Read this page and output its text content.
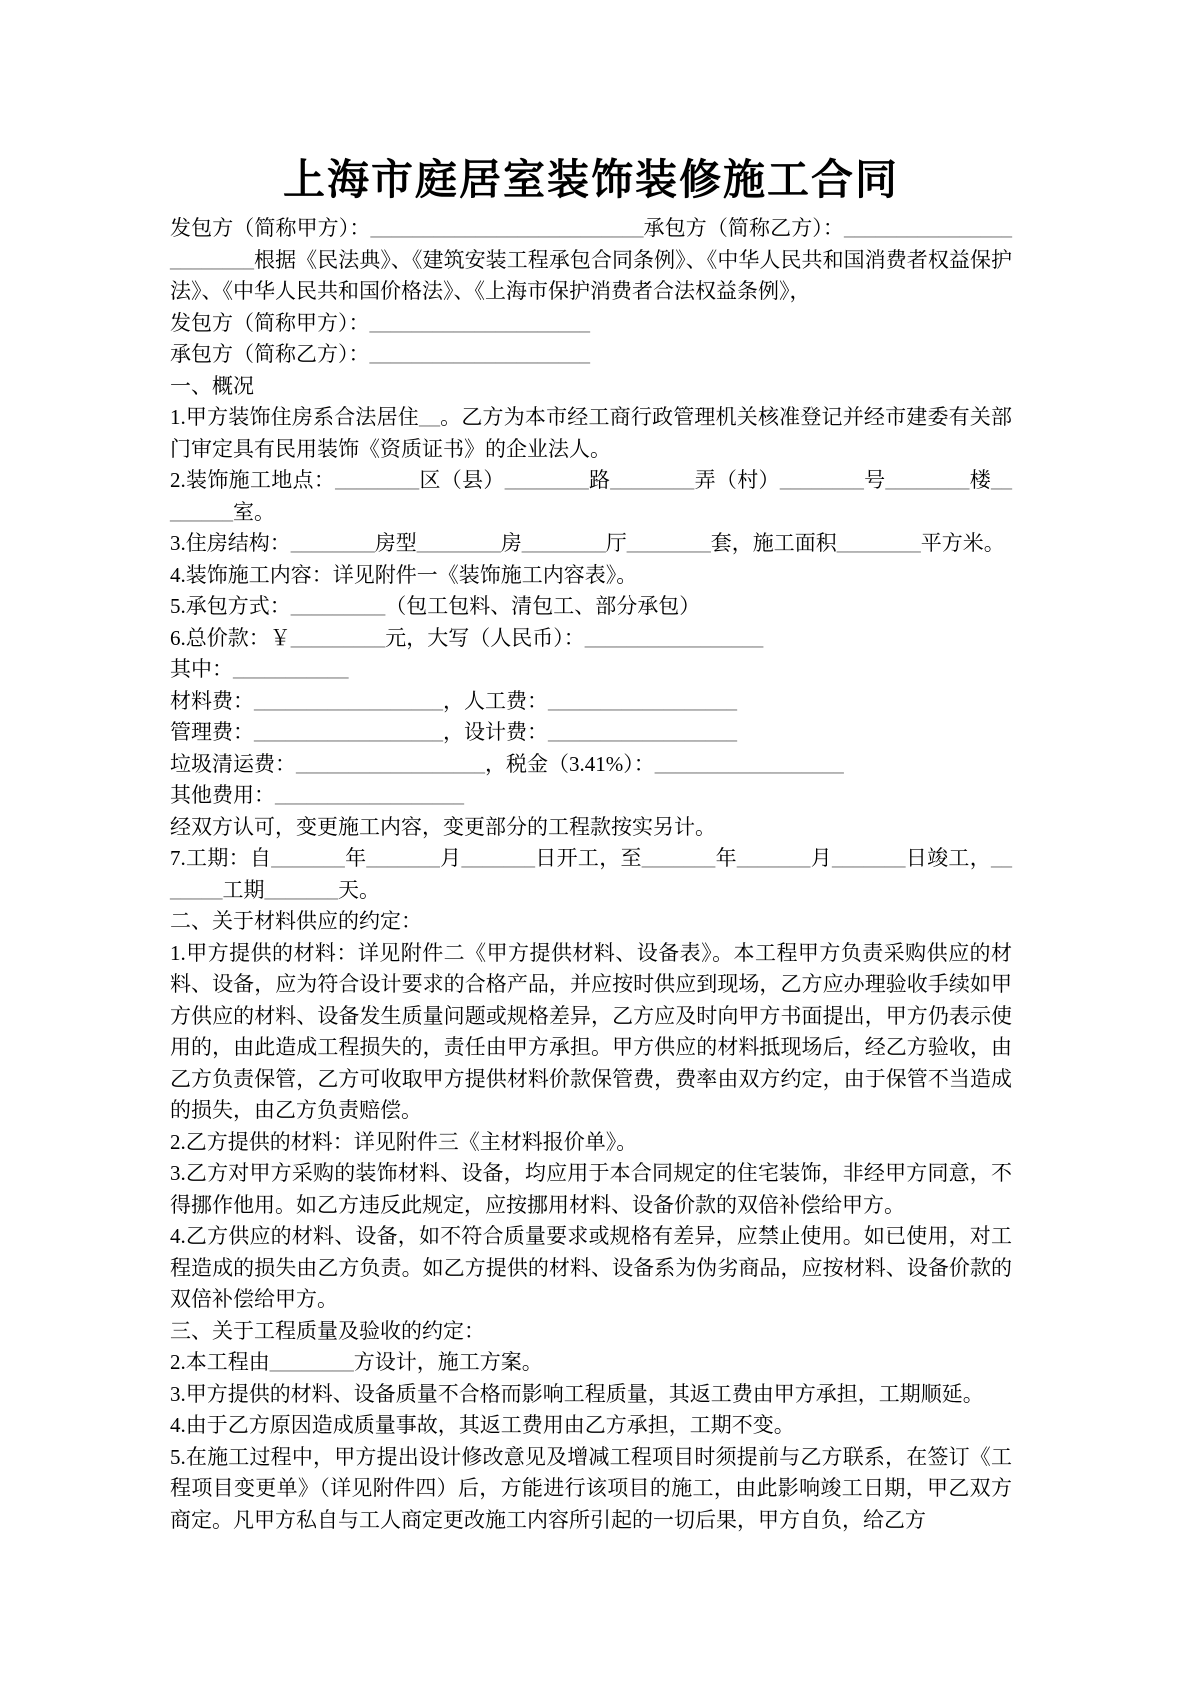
上海市庭居室装饰装修施工合同

发包方（简称甲方）：__________________________承包方（简称乙方）：________________________根据《民法典》、《建筑安装工程承包合同条例》、《中华人民共和国消费者权益保护法》、《中华人民共和国价格法》、《上海市保护消费者合法权益条例》，

发包方（简称甲方）：_____________________

承包方（简称乙方）：_____________________

一、概况

1.甲方装饰住房系合法居住__。乙方为本市经工商行政管理机关核准登记并经市建委有关部门审定具有民用装饰《资质证书》的企业法人。

2.装饰施工地点：________区（县）________路________弄（村）________号________楼________室。

3.住房结构：________房型________房________厅________套，施工面积________平方米。

4.装饰施工内容：详见附件一《装饰施工内容表》。

5.承包方式：_________（包工包料、清包工、部分承包）

6.总价款：￥_________元，大写（人民币）：_________________

其中：___________

材料费：__________________，人工费：__________________

管理费：__________________，设计费：__________________

垃圾清运费：__________________，税金（3.41%）：__________________

其他费用：__________________

经双方认可，变更施工内容，变更部分的工程款按实另计。

7.工期：自_______年_______月_______日开工，至_______年_______月_______日竣工，_______工期_______天。

二、关于材料供应的约定：

1.甲方提供的材料：详见附件二《甲方提供材料、设备表》。本工程甲方负责采购供应的材料、设备，应为符合设计要求的合格产品，并应按时供应到现场，乙方应办理验收手续如甲方供应的材料、设备发生质量问题或规格差异，乙方应及时向甲方书面提出，甲方仍表示使用的，由此造成工程损失的，责任由甲方承担。甲方供应的材料抵现场后，经乙方验收，由乙方负责保管，乙方可收取甲方提供材料价款保管费，费率由双方约定，由于保管不当造成的损失，由乙方负责赔偿。

2.乙方提供的材料：详见附件三《主材料报价单》。

3.乙方对甲方采购的装饰材料、设备，均应用于本合同规定的住宅装饰，非经甲方同意，不得挪作他用。如乙方违反此规定，应按挪用材料、设备价款的双倍补偿给甲方。

4.乙方供应的材料、设备，如不符合质量要求或规格有差异，应禁止使用。如已使用，对工程造成的损失由乙方负责。如乙方提供的材料、设备系为伪劣商品，应按材料、设备价款的双倍补偿给甲方。

三、关于工程质量及验收的约定：

2.本工程由________方设计，施工方案。

3.甲方提供的材料、设备质量不合格而影响工程质量，其返工费由甲方承担，工期顺延。

4.由于乙方原因造成质量事故，其返工费用由乙方承担，工期不变。

5.在施工过程中，甲方提出设计修改意见及增减工程项目时须提前与乙方联系，在签订《工程项目变更单》（详见附件四）后，方能进行该项目的施工，由此影响竣工日期，甲乙双方商定。凡甲方私自与工人商定更改施工内容所引起的一切后果，甲方自负，给乙方
